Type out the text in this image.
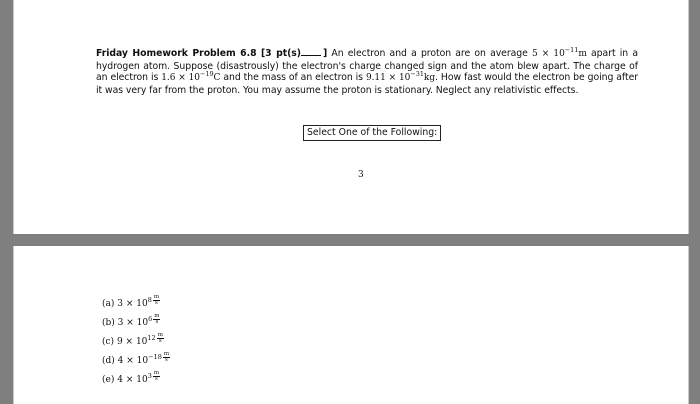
Friday Homework Problem 6.8 [3 pt(s) ] An electron and a proton are on average $5 \times 10^{-11}m$ apart in a hydrogen atom. Suppose (disastrously) the electron's charge changed sign and the atom blew apart. The charge of an electron is $1.6 \times 10^{-19}C$ and the mass of an electron is $9.11 \times 10^{-31}kg$. How fast would the electron be going after it was very far from the proton. You may assume the proton is stationary. Neglect any relativistic effects.
Select One of the Following:
3
(a) $3 \times 10^8 \frac{m}{s}$
(b) $3 \times 10^6 \frac{m}{s}$
(c) $9 \times 10^{12} \frac{m}{s}$
(d) $4 \times 10^{-18} \frac{m}{s}$
(e) $4 \times 10^3 \frac{m}{s}$
